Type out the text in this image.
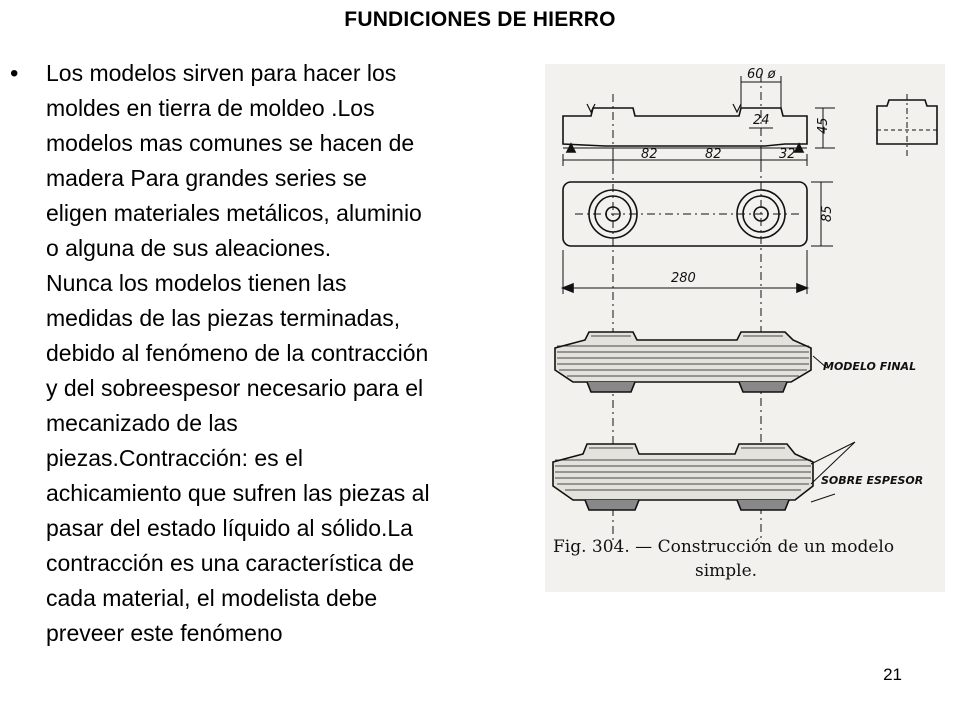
FUNDICIONES DE HIERRO
• Los modelos sirven para hacer los
moldes en tierra de moldeo .Los
modelos mas comunes se hacen de
madera Para grandes series se
eligen materiales metálicos, aluminio
o alguna de sus aleaciones.
Nunca los modelos tienen las
medidas de las piezas terminadas,
debido al fenómeno de la contracción
y del sobreespesor necesario para el
mecanizado de las
piezas.Contracción: es el
achicamiento que sufren las piezas al
pasar del estado líquido al sólido.La
contracción es una característica de
cada material, el modelista debe
preveer este fenómeno
60 ø
24	45
82	82	32
85
280
MODELO FINAL
SOBRE ESPESOR
Fig. 304. — Construcción de un modelo
simple.
21
